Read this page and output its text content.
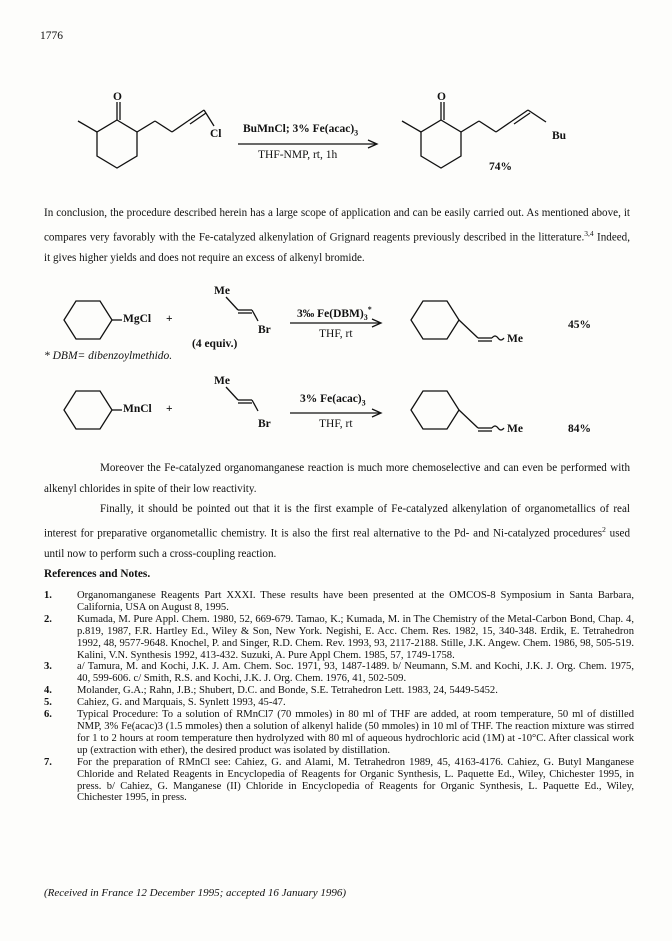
1776
O
Cl BuMnCl; 3% $Fe(acac)_3$
THF-NMP, rt, 1h
O
Bu
74%

In conclusion, the procedure described herein has a large scope of application and can be easily carried out. As mentioned above, it compares very favorably with the Fe-catalyzed alkenylation of Grignard reagents previously described in the litterature.$^{3,4}$ Indeed, it gives higher yields and does not require an excess of alkenyl bromide.

MgCl +
Me
Br
(4 equiv.)
3‰ $Fe(DBM)_3^*$
THF, rt	Me
45%
* DBM= dibenzoylmethido.
MnCl +
Me
Br
3% $Fe(acac)_3$
THF, rt	Me	84%

Moreover the Fe-catalyzed organomanganese reaction is much more chemoselective and can even be performed with alkenyl chlorides in spite of their low reactivity.

Finally, it should be pointed out that it is the first example of Fe-catalyzed alkenylation of organometallics of real interest for preparative organometallic chemistry. It is also the first real alternative to the Pd- and Ni-catalyzed procedures$^2$ used until now to perform such a cross-coupling reaction.

References and Notes.
1.	Organomanganese Reagents Part XXXI. These results have been presented at the OMCOS-8 Symposium in Santa Barbara, California, USA on August 8, 1995.
2.	Kumada, M. Pure Appl. Chem. 1980, 52, 669-679. Tamao, K.; Kumada, M. in The Chemistry of the Metal-Carbon Bond, Chap. 4, p.819, 1987, F.R. Hartley Ed., Wiley & Son, New York. Negishi, E. Acc. Chem. Res. 1982, 15, 340-348. Erdik, E. Tetrahedron 1992, 48, 9577-9648. Knochel, P. and Singer, R.D. Chem. Rev. 1993, 93, 2117-2188. Stille, J.K. Angew. Chem. 1986, 98, 505-519. Kalini, V.N. Synthesis 1992, 413-432. Suzuki, A. Pure Appl Chem. 1985, 57, 1749-1758.
3.	a/ Tamura, M. and Kochi, J.K. J. Am. Chem. Soc. 1971, 93, 1487-1489. b/ Neumann, S.M. and Kochi, J.K. J. Org. Chem. 1975, 40, 599-606. c/ Smith, R.S. and Kochi, J.K. J. Org. Chem. 1976, 41, 502-509.
4.	Molander, G.A.; Rahn, J.B.; Shubert, D.C. and Bonde, S.E. Tetrahedron Lett. 1983, 24, 5449-5452.
5.	Cahiez, G. and Marquais, S. Synlett 1993, 45-47.
6.	Typical Procedure: To a solution of RMnCl7 (70 mmoles) in 80 ml of THF are added, at room temperature, 50 ml of distilled NMP, 3% Fe(acac)3 (1.5 mmoles) then a solution of alkenyl halide (50 mmoles) in 10 ml of THF. The reaction mixture was stirred for 1 to 2 hours at room temperature then hydrolyzed with 80 ml of aqueous hydrochloric acid (1M) at -10°C. After classical work up (extraction with ether), the desired product was isolated by distillation.
7.	For the preparation of RMnCl see: Cahiez, G. and Alami, M. Tetrahedron 1989, 45, 4163-4176. Cahiez, G. Butyl Manganese Chloride and Related Reagents in Encyclopedia of Reagents for Organic Synthesis, L. Paquette Ed., Wiley, Chichester 1995, in press. b/ Cahiez, G. Manganese (II) Chloride in Encyclopedia of Reagents for Organic Synthesis, L. Paquette Ed., Wiley, Chichester 1995, in press.
(Received in France 12 December 1995; accepted 16 January 1996)
